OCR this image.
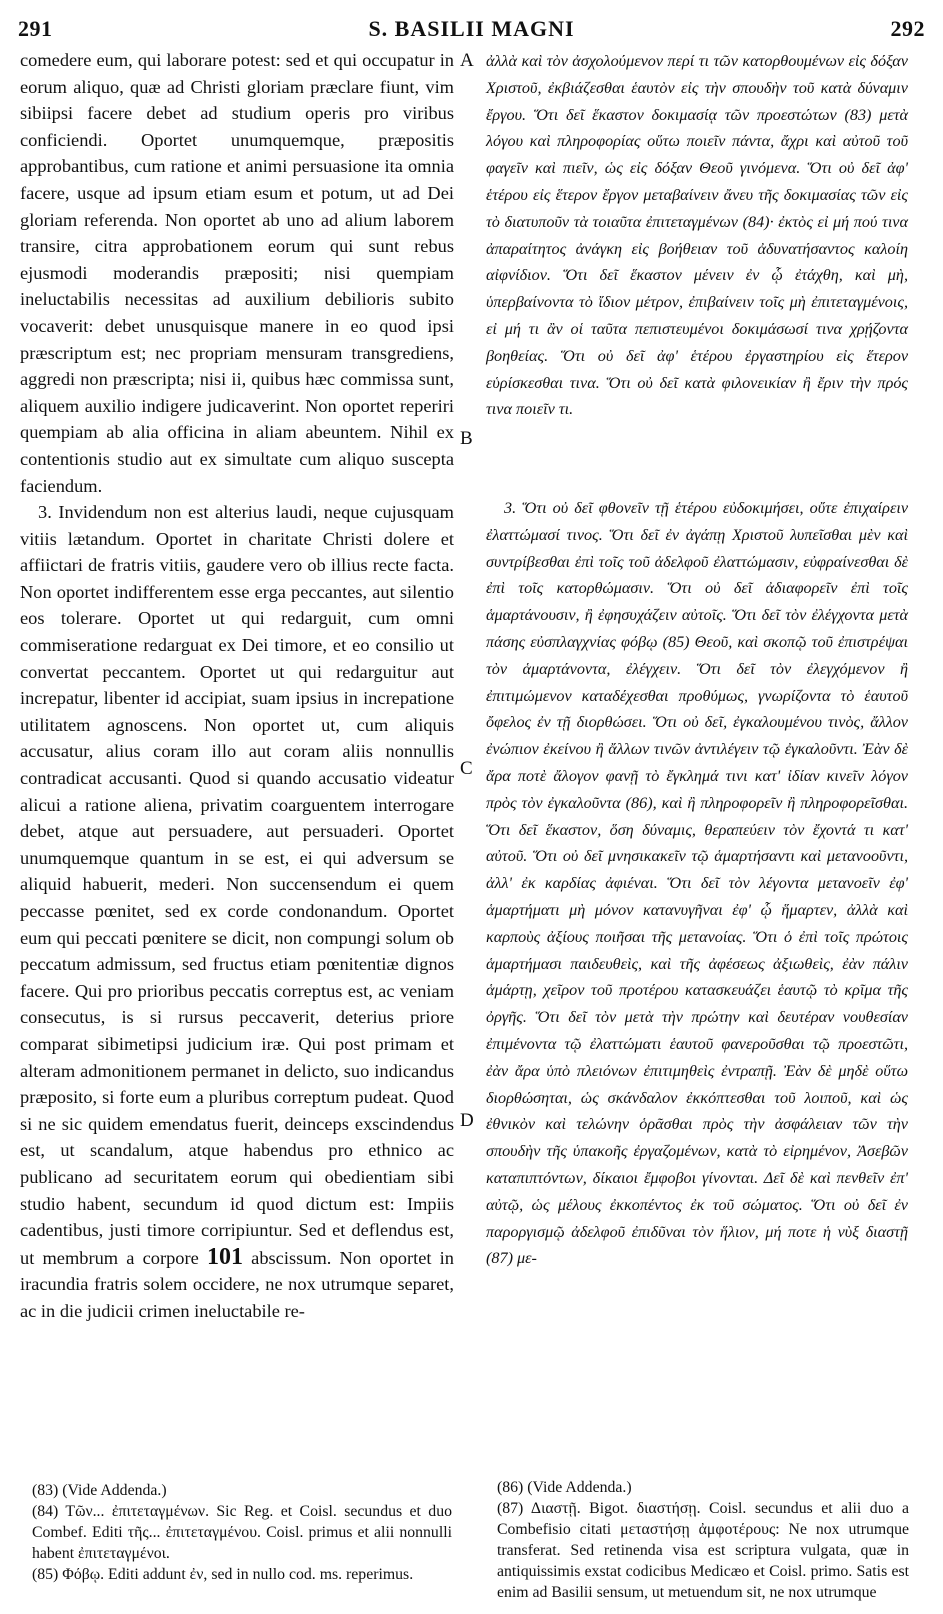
291	S. BASILII MAGNI	292

comedere eum, qui laborare potest: sed et qui occupatur in eorum aliquo, quæ ad Christi gloriam præclare fiunt, vim sibiipsi facere debet ad studium operis pro viribus conficiendi. Oportet unumquemque, præpositis approbantibus, cum ratione et animi persuasione ita omnia facere, usque ad ipsum etiam esum et potum, ut ad Dei gloriam referenda. Non oportet ab uno ad alium laborem transire, citra approbationem eorum qui sunt rebus ejusmodi moderandis præpositi; nisi quempiam ineluctabilis necessitas ad auxilium debilioris subito vocaverit: debet unusquisque manere in eo quod ipsi præscriptum est; nec propriam mensuram transgrediens, aggredi non præscripta; nisi ii, quibus hæc commissa sunt, aliquem auxilio indigere judicaverint. Non oportet reperiri quempiam ab alia officina in aliam abeuntem. Nihil ex contentionis studio aut ex simultate cum aliquo suscepta faciendum.

3. Invidendum non est alterius laudi, neque cujusquam vitiis lætandum. Oportet in charitate Christi dolere et affiictari de fratris vitiis, gaudere vero ob illius recte facta. Non oportet indifferentem esse erga peccantes, aut silentio eos tolerare. Oportet ut qui redarguit, cum omni commiseratione redarguat ex Dei timore, et eo consilio ut convertat peccantem. Oportet ut qui redarguitur aut increpatur, libenter id accipiat, suam ipsius in increpatione utilitatem agnoscens. Non oportet ut, cum aliquis accusatur, alius coram illo aut coram aliis nonnullis contradicat accusanti. Quod si quando accusatio videatur alicui a ratione aliena, privatim coarguentem interrogare debet, atque aut persuadere, aut persuaderi. Oportet unumquemque quantum in se est, ei qui adversum se aliquid habuerit, mederi. Non succensendum ei quem peccasse pœnitet, sed ex corde condonandum. Oportet eum qui peccati pœnitere se dicit, non compungi solum ob peccatum admissum, sed fructus etiam pœnitentiæ dignos facere. Qui pro prioribus peccatis correptus est, ac veniam consecutus, is si rursus peccaverit, deterius priore comparat sibimetipsi judicium iræ. Qui post primam et alteram admonitionem permanet in delicto, suo indicandus præposito, si forte eum a pluribus correptum pudeat. Quod si ne sic quidem emendatus fuerit, deinceps exscindendus est, ut scandalum, atque habendus pro ethnico ac publicano ad securitatem eorum qui obedientiam sibi studio habent, secundum id quod dictum est: Impiis cadentibus, justi timore corripiuntur. Sed et deflendus est, ut membrum a corpore 101 abscissum. Non oportet in iracundia fratris solem occidere, ne nox utrumque separet, ac in die judicii crimen ineluctabile re-

A
B
C
D

ἀλλὰ καὶ τὸν ἀσχολούμενον περί τι τῶν κατορθουμένων εἰς δόξαν Χριστοῦ, ἐκβιάζεσθαι ἑαυτὸν εἰς τὴν σπουδὴν τοῦ κατὰ δύναμιν ἔργου. Ὅτι δεῖ ἕκαστον δοκιμασίᾳ τῶν προεστώτων (83) μετὰ λόγου καὶ πληροφορίας οὕτω ποιεῖν πάντα, ἄχρι καὶ αὐτοῦ τοῦ φαγεῖν καὶ πιεῖν, ὡς εἰς δόξαν Θεοῦ γινόμενα. Ὅτι οὐ δεῖ ἀφ' ἑτέρου εἰς ἕτερον ἔργον μεταβαίνειν ἄνευ τῆς δοκιμασίας τῶν εἰς τὸ διατυποῦν τὰ τοιαῦτα ἐπιτεταγμένων (84)· ἐκτὸς εἰ μή πού τινα ἀπαραίτητος ἀνάγκη εἰς βοήθειαν τοῦ ἀδυνατήσαντος καλοίη αἰφνίδιον. Ὅτι δεῖ ἕκαστον μένειν ἐν ᾧ ἐτάχθη, καὶ μὴ, ὑπερβαίνοντα τὸ ἴδιον μέτρον, ἐπιβαίνειν τοῖς μὴ ἐπιτεταγμένοις, εἰ μή τι ἂν οἱ ταῦτα πεπιστευμένοι δοκιμάσωσί τινα χρῄζοντα βοηθείας. Ὅτι οὐ δεῖ ἀφ' ἑτέρου ἐργαστηρίου εἰς ἕτερον εὑρίσκεσθαι τινα. Ὅτι οὐ δεῖ κατὰ φιλονεικίαν ἢ ἔριν τὴν πρός τινα ποιεῖν τι.

3. Ὅτι οὐ δεῖ φθονεῖν τῇ ἑτέρου εὐδοκιμήσει, οὔτε ἐπιχαίρειν ἐλαττώμασί τινος. Ὅτι δεῖ ἐν ἀγάπῃ Χριστοῦ λυπεῖσθαι μὲν καὶ συντρίβεσθαι ἐπὶ τοῖς τοῦ ἀδελφοῦ ἐλαττώμασιν, εὐφραίνεσθαι δὲ ἐπὶ τοῖς κατορθώμασιν. Ὅτι οὐ δεῖ ἀδιαφορεῖν ἐπὶ τοῖς ἁμαρτάνουσιν, ἢ ἐφησυχάζειν αὐτοῖς. Ὅτι δεῖ τὸν ἐλέγχοντα μετὰ πάσης εὐσπλαγχνίας φόβῳ (85) Θεοῦ, καὶ σκοπῷ τοῦ ἐπιστρέψαι τὸν ἁμαρτάνοντα, ἐλέγχειν. Ὅτι δεῖ τὸν ἐλεγχόμενον ἢ ἐπιτιμώμενον καταδέχεσθαι προθύμως, γνωρίζοντα τὸ ἑαυτοῦ ὄφελος ἐν τῇ διορθώσει. Ὅτι οὐ δεῖ, ἐγκαλουμένου τινὸς, ἄλλον ἐνώπιον ἐκείνου ἢ ἄλλων τινῶν ἀντιλέγειν τῷ ἐγκαλοῦντι. Ἐὰν δὲ ἄρα ποτὲ ἄλογον φανῇ τὸ ἔγκλημά τινι κατ' ἰδίαν κινεῖν λόγον πρὸς τὸν ἐγκαλοῦντα (86), καὶ ἢ πληροφορεῖν ἢ πληροφορεῖσθαι. Ὅτι δεῖ ἕκαστον, ὅση δύναμις, θεραπεύειν τὸν ἔχοντά τι κατ' αὐτοῦ. Ὅτι οὐ δεῖ μνησικακεῖν τῷ ἁμαρτήσαντι καὶ μετανοοῦντι, ἀλλ' ἐκ καρδίας ἀφιέναι. Ὅτι δεῖ τὸν λέγοντα μετανοεῖν ἐφ' ἁμαρτήματι μὴ μόνον κατανυγῆναι ἐφ' ᾧ ἥμαρτεν, ἀλλὰ καὶ καρποὺς ἀξίους ποιῆσαι τῆς μετανοίας. Ὅτι ὁ ἐπὶ τοῖς πρώτοις ἁμαρτήμασι παιδευθεὶς, καὶ τῆς ἀφέσεως ἀξιωθεὶς, ἐὰν πάλιν ἁμάρτῃ, χεῖρον τοῦ προτέρου κατασκευάζει ἑαυτῷ τὸ κρῖμα τῆς ὀργῆς. Ὅτι δεῖ τὸν μετὰ τὴν πρώτην καὶ δευτέραν νουθεσίαν ἐπιμένοντα τῷ ἐλαττώματι ἑαυτοῦ φανεροῦσθαι τῷ προεστῶτι, ἐὰν ἄρα ὑπὸ πλειόνων ἐπιτιμηθεὶς ἐντραπῇ. Ἐὰν δὲ μηδὲ οὕτω διορθώσηται, ὡς σκάνδαλον ἐκκόπτεσθαι τοῦ λοιποῦ, καὶ ὡς ἐθνικὸν καὶ τελώνην ὁρᾶσθαι πρὸς τὴν ἀσφάλειαν τῶν τὴν σπουδὴν τῆς ὑπακοῆς ἐργαζομένων, κατὰ τὸ εἰρημένον, Ἀσεβῶν καταπιπτόντων, δίκαιοι ἔμφοβοι γίνονται. Δεῖ δὲ καὶ πενθεῖν ἐπ' αὐτῷ, ὡς μέλους ἐκκοπέντος ἐκ τοῦ σώματος. Ὅτι οὐ δεῖ ἐν παροργισμῷ ἀδελφοῦ ἐπιδῦναι τὸν ἥλιον, μή ποτε ἡ νὺξ διαστῇ (87) με-

(83) (Vide Addenda.)

(84) Τῶν... ἐπιτεταγμένων. Sic Reg. et Coisl. secundus et duo Combef. Editi τῆς... ἐπιτεταγμένου. Coisl. primus et alii nonnulli habent ἐπιτεταγμένοι.

(85) Φόβῳ. Editi addunt ἐν, sed in nullo cod. ms. reperimus.

(86) (Vide Addenda.)

(87) Διαστῇ. Bigot. διαστήσῃ. Coisl. secundus et alii duo a Combefisio citati μεταστήσῃ ἀμφοτέρους: Ne nox utrumque transferat. Sed retinenda visa est scriptura vulgata, quæ in antiquissimis exstat codicibus Medicæo et Coisl. primo. Satis est enim ad Basilii sensum, ut metuendum sit, ne nox utrumque
